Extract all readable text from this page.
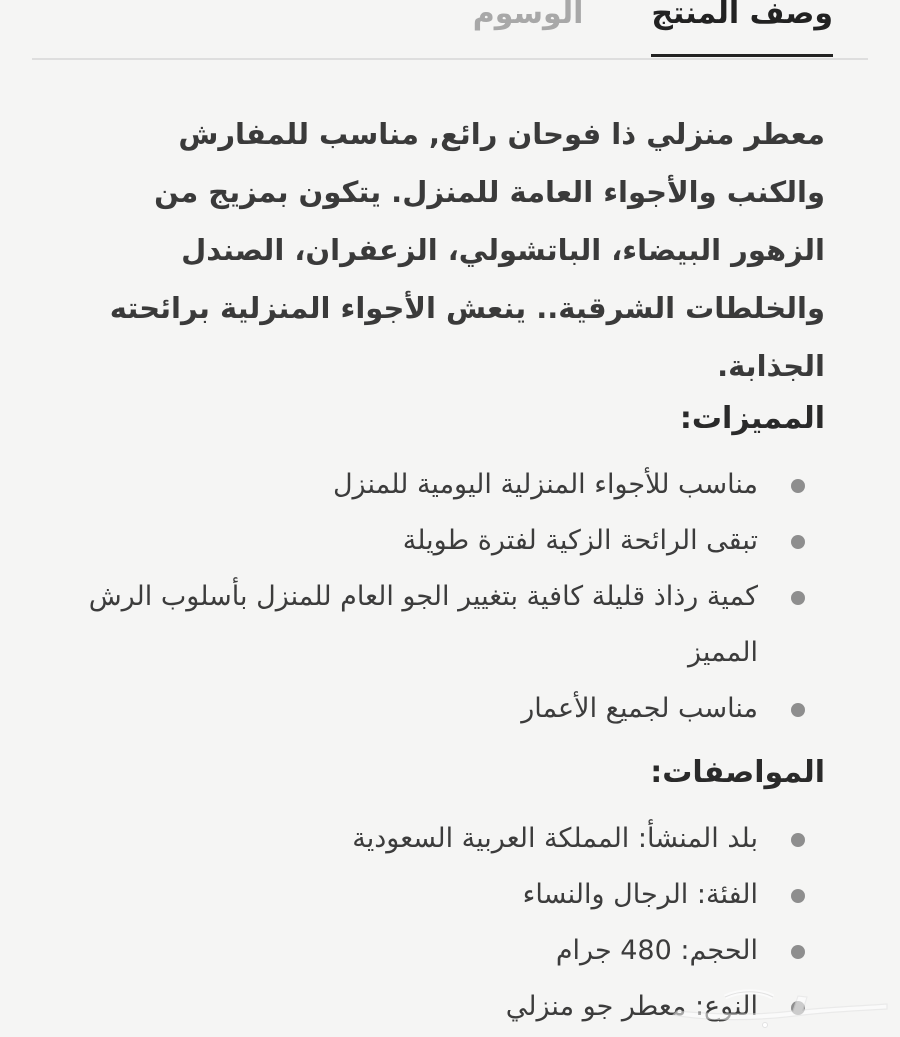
وصف المنتج
الوسوم

معطر منزلي ذا فوحان رائع, مناسب للمفارش والكنب والأجواء العامة للمنزل. يتكون بمزيج من الزهور البيضاء، الباتشولي، الزعفران، الصندل والخلطات الشرقية.. ينعش الأجواء المنزلية برائحته الجذابة.

المميزات:
مناسب للأجواء المنزلية اليومية للمنزل
تبقى الرائحة الزكية لفترة طويلة
كمية رذاذ قليلة كافية بتغيير الجو العام للمنزل بأسلوب الرش المميز
مناسب لجميع الأعمار
المواصفات:
بلد المنشأ: المملكة العربية السعودية
الفئة: الرجال والنساء
الحجم: 480 جرام
النوع: معطر جو منزلي
